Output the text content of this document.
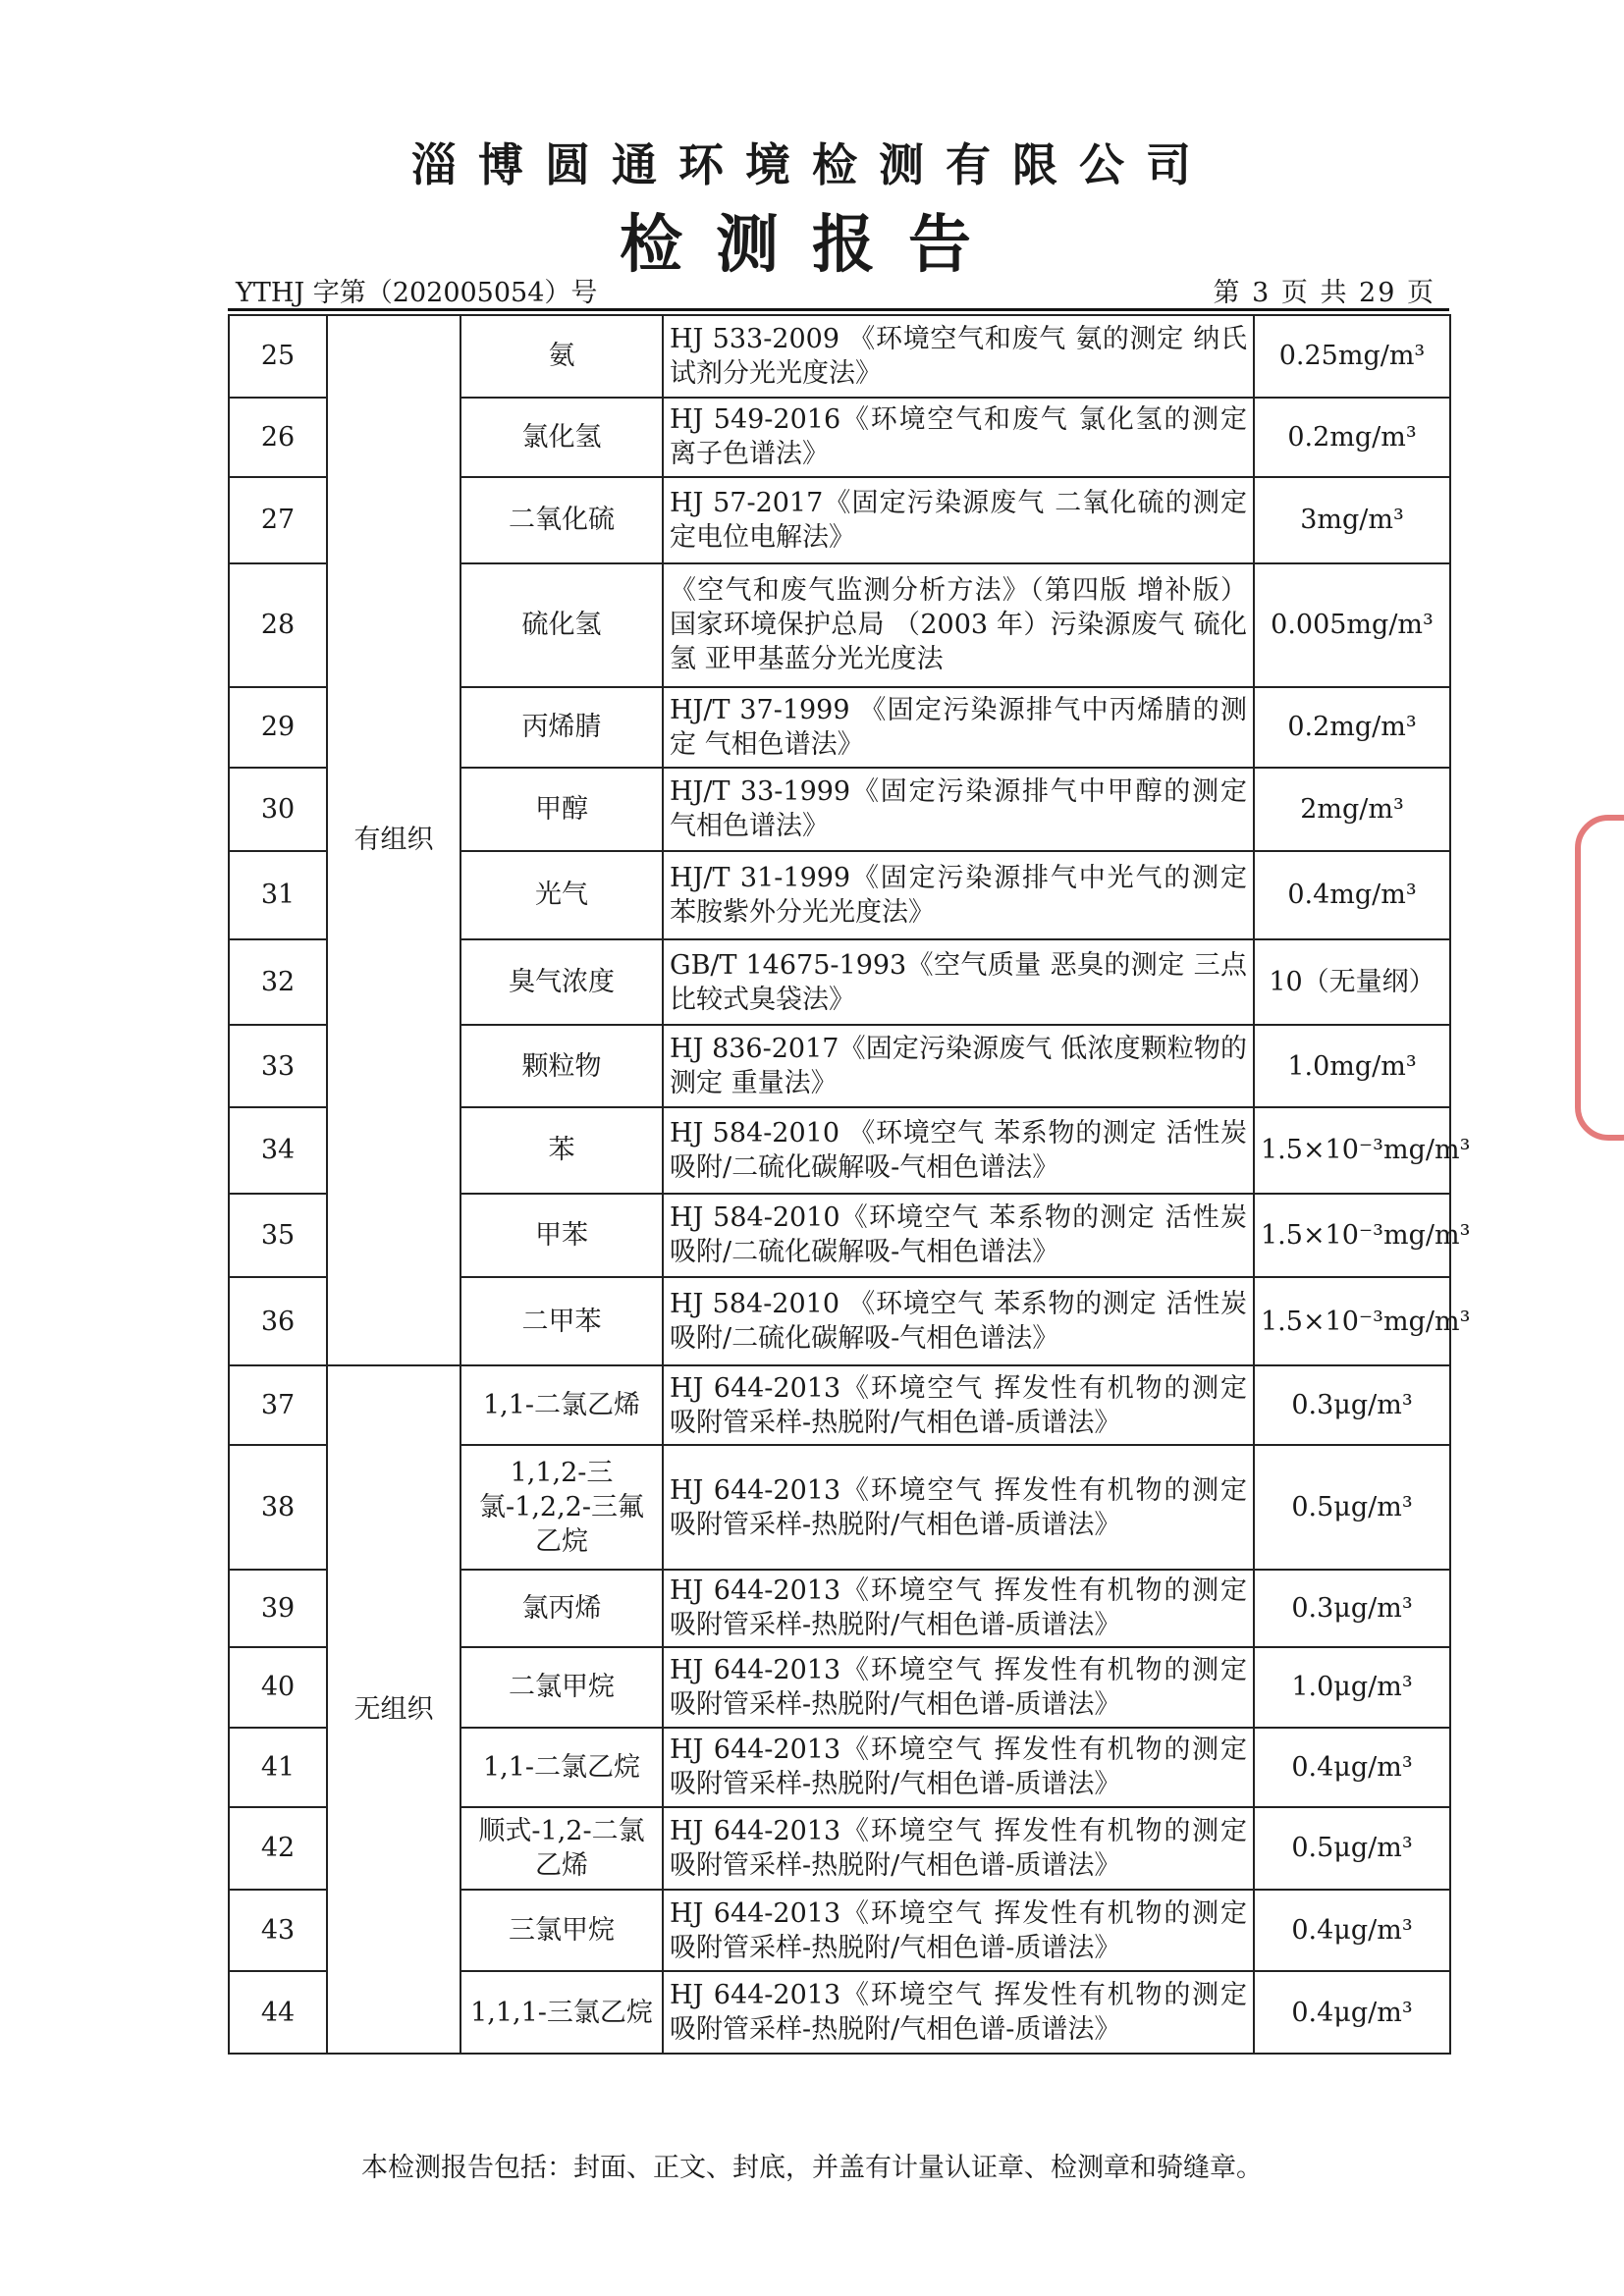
淄博圆通环境检测有限公司
检测报告
YTHJ 字第（202005054）号	第 3 页 共 29 页
25	有组织	氨	HJ 533-2009 《环境空气和废气 氨的测定 纳氏试剂分光光度法》	0.25mg/m³
26		氯化氢	HJ 549-2016《环境空气和废气 氯化氢的测定 离子色谱法》	0.2mg/m³
27		二氧化硫	HJ 57-2017《固定污染源废气 二氧化硫的测定 定电位电解法》	3mg/m³
28		硫化氢	《空气和废气监测分析方法》（第四版 增补版）国家环境保护总局 （2003 年）污染源废气 硫化氢 亚甲基蓝分光光度法	0.005mg/m³
29		丙烯腈	HJ/T 37-1999 《固定污染源排气中丙烯腈的测定 气相色谱法》	0.2mg/m³
30		甲醇	HJ/T 33-1999《固定污染源排气中甲醇的测定 气相色谱法》	2mg/m³
31		光气	HJ/T 31-1999《固定污染源排气中光气的测定 苯胺紫外分光光度法》	0.4mg/m³
32		臭气浓度	GB/T 14675-1993《空气质量 恶臭的测定 三点比较式臭袋法》	10（无量纲）
33		颗粒物	HJ 836-2017《固定污染源废气 低浓度颗粒物的测定 重量法》	1.0mg/m³
34		苯	HJ 584-2010 《环境空气 苯系物的测定 活性炭吸附/二硫化碳解吸-气相色谱法》	1.5×10⁻³mg/m³
35		甲苯	HJ 584-2010《环境空气 苯系物的测定 活性炭吸附/二硫化碳解吸-气相色谱法》	1.5×10⁻³mg/m³
36		二甲苯	HJ 584-2010 《环境空气 苯系物的测定 活性炭吸附/二硫化碳解吸-气相色谱法》	1.5×10⁻³mg/m³
37	无组织	1,1-二氯乙烯	HJ 644-2013《环境空气 挥发性有机物的测定 吸附管采样-热脱附/气相色谱-质谱法》	0.3μg/m³
38		1,1,2-三氯-1,2,2-三氟乙烷	HJ 644-2013《环境空气 挥发性有机物的测定 吸附管采样-热脱附/气相色谱-质谱法》	0.5μg/m³
39		氯丙烯	HJ 644-2013《环境空气 挥发性有机物的测定 吸附管采样-热脱附/气相色谱-质谱法》	0.3μg/m³
40		二氯甲烷	HJ 644-2013《环境空气 挥发性有机物的测定 吸附管采样-热脱附/气相色谱-质谱法》	1.0μg/m³
41		1,1-二氯乙烷	HJ 644-2013《环境空气 挥发性有机物的测定 吸附管采样-热脱附/气相色谱-质谱法》	0.4μg/m³
42		顺式-1,2-二氯乙烯	HJ 644-2013《环境空气 挥发性有机物的测定 吸附管采样-热脱附/气相色谱-质谱法》	0.5μg/m³
43		三氯甲烷	HJ 644-2013《环境空气 挥发性有机物的测定 吸附管采样-热脱附/气相色谱-质谱法》	0.4μg/m³
44		1,1,1-三氯乙烷	HJ 644-2013《环境空气 挥发性有机物的测定 吸附管采样-热脱附/气相色谱-质谱法》	0.4μg/m³
本检测报告包括：封面、正文、封底，并盖有计量认证章、检测章和骑缝章。
